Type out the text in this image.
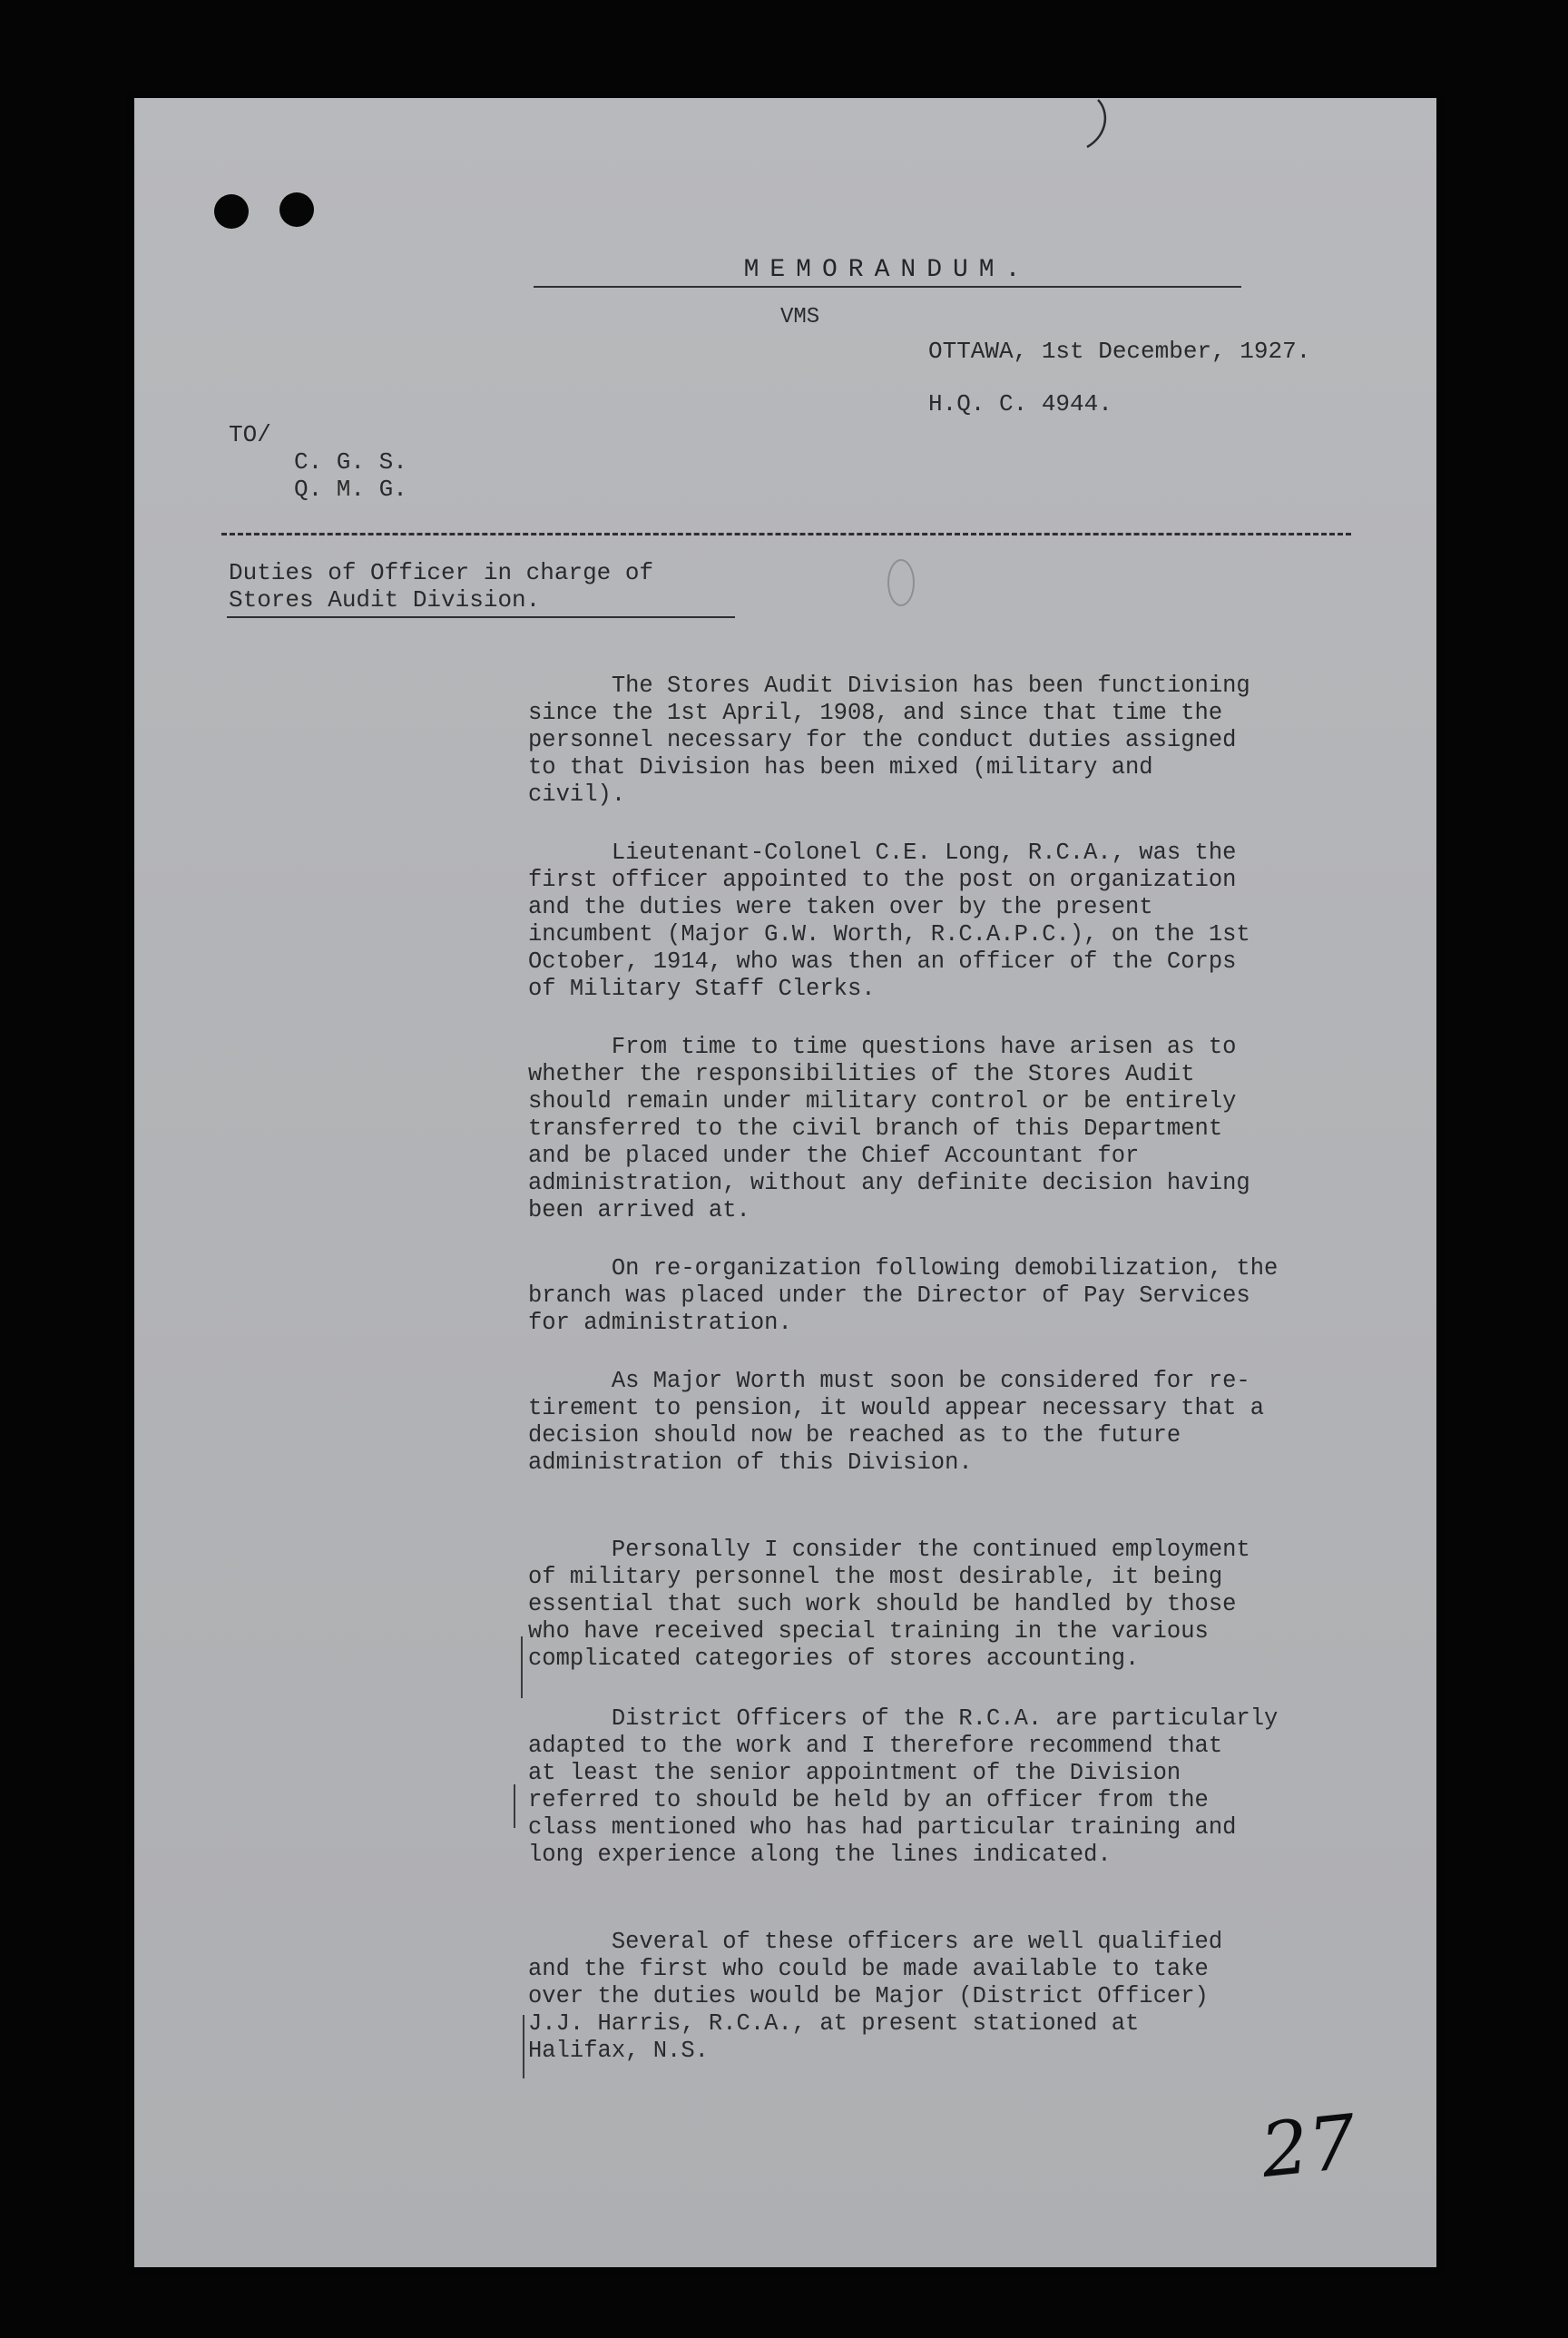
MEMORANDUM.
VMS
OTTAWA, 1st December, 1927.
H.Q. C. 4944.
TO/
C. G. S.
Q. M. G.
Duties of Officer in charge of
Stores Audit Division.

The Stores Audit Division has been functioning
since the 1st April, 1908, and since that time the
personnel necessary for the conduct duties assigned
to that Division has been mixed (military and
civil).

Lieutenant-Colonel C.E. Long, R.C.A., was the
first officer appointed to the post on organization
and the duties were taken over by the present
incumbent (Major G.W. Worth, R.C.A.P.C.), on the 1st
October, 1914, who was then an officer of the Corps
of Military Staff Clerks.

From time to time questions have arisen as to
whether the responsibilities of the Stores Audit
should remain under military control or be entirely
transferred to the civil branch of this Department
and be placed under the Chief Accountant for
administration, without any definite decision having
been arrived at.

On re-organization following demobilization, the
branch was placed under the Director of Pay Services
for administration.

As Major Worth must soon be considered for re-
tirement to pension, it would appear necessary that a
decision should now be reached as to the future
administration of this Division.

Personally I consider the continued employment
of military personnel the most desirable, it being
essential that such work should be handled by those
who have received special training in the various
complicated categories of stores accounting.

District Officers of the R.C.A. are particularly
adapted to the work and I therefore recommend that
at least the senior appointment of the Division
referred to should be held by an officer from the
class mentioned who has had particular training and
long experience along the lines indicated.

Several of these officers are well qualified
and the first who could be made available to take
over the duties would be Major (District Officer)
J.J. Harris, R.C.A., at present stationed at
Halifax, N.S.

27
